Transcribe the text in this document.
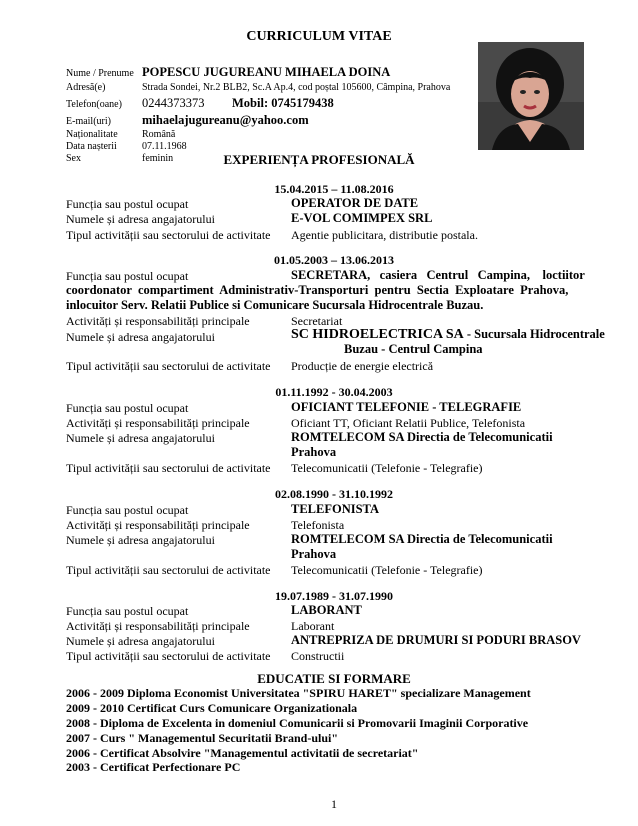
CURRICULUM VITAE
Nume / Prenume POPESCU JUGUREANU MIHAELA DOINA
Adresă(e)	Strada Sondei, Nr.2 BLB2, Sc.A Ap.4, cod poștal 105600, Câmpina, Prahova
Telefon(oane)	0244373373	Mobil: 0745179438
E-mail(uri)	mihaelajugureanu@yahoo.com
Naționalitate	Română
Data nașterii	07.11.1968
Sex	feminin	EXPERIENȚA PROFESIONALĂ
15.04.2015 – 11.08.2016
Funcția sau postul ocupat	OPERATOR DE DATE
Numele și adresa angajatorului	E-VOL COMIMPEX SRL
Tipul activității sau sectorului de activitate Agentie publicitara, distributie postala.
01.05.2003 – 13.06.2013
Funcția sau postul ocupat	SECRETARA,   casiera   Centrul   Campina,    loctiitor
coordonator  compartiment  Administrativ-Transporturi  pentru  Sectia  Exploatare  Prahova,
inlocuitor Serv. Relatii Publice si Comunicare Sucursala Hidrocentrale Buzau.
Activități și responsabilități principale	Secretariat
Numele și adresa angajatorului	SC HIDROELECTRICA SA - Sucursala Hidrocentrale
Buzau - Centrul Campina
Tipul activității sau sectorului de activitate Producție de energie electrică
01.11.1992 - 30.04.2003
Funcția sau postul ocupat	OFICIANT TELEFONIE - TELEGRAFIE
Activități și responsabilități principale	Oficiant TT, Oficiant Relatii Publice, Telefonista
Numele și adresa angajatorului	ROMTELECOM SA Directia de Telecomunicatii
Prahova
Tipul activității sau sectorului de activitate Telecomunicatii (Telefonie - Telegrafie)
02.08.1990 - 31.10.1992
Funcția sau postul ocupat	TELEFONISTA
Activități și responsabilități principale	Telefonista
Numele și adresa angajatorului	ROMTELECOM SA Directia de Telecomunicatii
Prahova
Tipul activității sau sectorului de activitate Telecomunicatii (Telefonie - Telegrafie)
19.07.1989 - 31.07.1990
Funcția sau postul ocupat	LABORANT
Activități și responsabilități principale	Laborant
Numele și adresa angajatorului	ANTREPRIZA DE DRUMURI SI PODURI BRASOV
Tipul activității sau sectorului de activitate Constructii
EDUCATIE SI FORMARE
2006 - 2009 Diploma Economist Universitatea "SPIRU HARET" specializare Management
2009 - 2010 Certificat Curs Comunicare Organizationala
2008 - Diploma de Excelenta in domeniul Comunicarii si Promovarii Imaginii Corporative
2007 - Curs " Managementul Securitatii Brand-ului"
2006 - Certificat Absolvire "Managementul activitatii de secretariat"
2003 - Certificat Perfectionare PC
1
